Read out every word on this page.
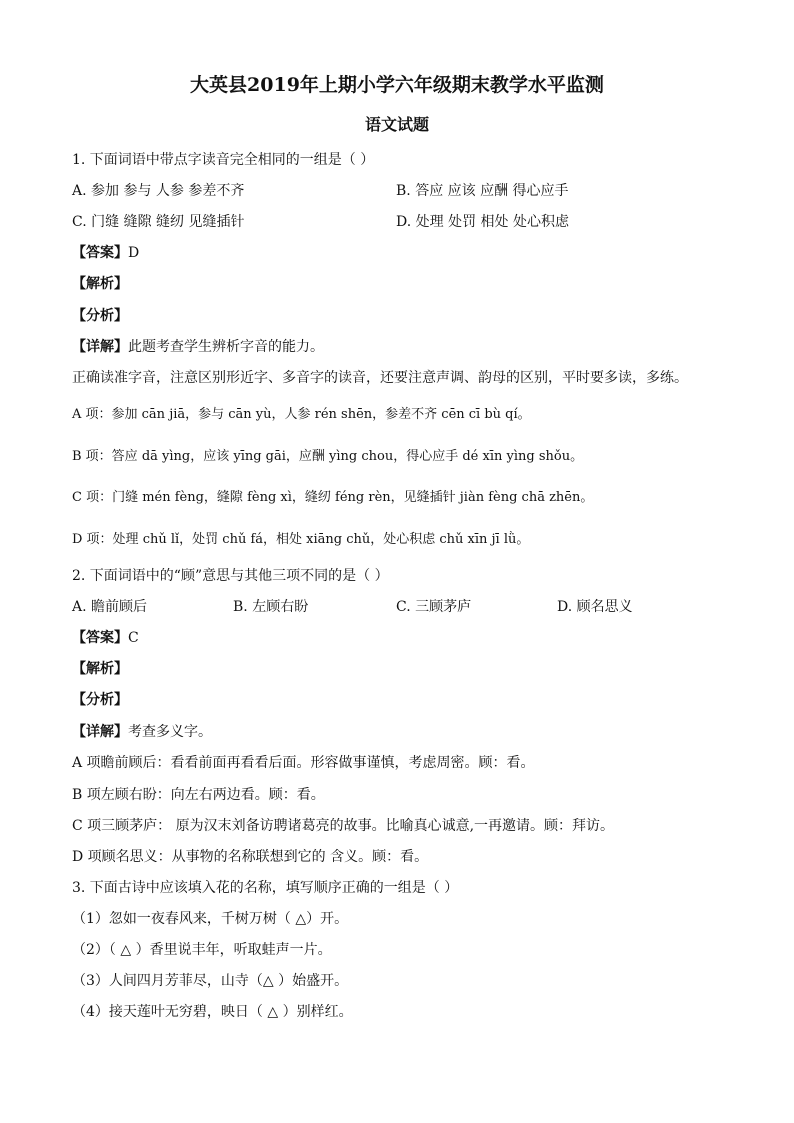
大英县2019年上期小学六年级期末教学水平监测
语文试题
1. 下面词语中带点字读音完全相同的一组是（ ）
A. 参加 参与 人参 参差不齐	B. 答应 应该 应酬 得心应手
C. 门缝 缝隙 缝纫 见缝插针	D. 处理 处罚 相处 处心积虑
【答案】D
【解析】
【分析】
【详解】此题考查学生辨析字音的能力。
正确读准字音，注意区别形近字、多音字的读音，还要注意声调、韵母的区别，平时要多读，多练。
A 项：参加 cān jiā，参与 cān yù，人参 rén shēn，参差不齐 cēn cī bù qí。
B 项：答应 dā yìng，应该 yīng gāi，应酬 yìng chou，得心应手 dé xīn yìng shǒu。
C 项：门缝 mén fèng，缝隙 fèng xì，缝纫 féng rèn，见缝插针 jiàn fèng chā zhēn。
D 项：处理 chǔ lǐ，处罚 chǔ fá，相处 xiāng chǔ，处心积虑 chǔ xīn jī lǜ。
2. 下面词语中的“顾”意思与其他三项不同的是（ ）
A. 瞻前顾后	B. 左顾右盼	C. 三顾茅庐	D. 顾名思义
【答案】C
【解析】
【分析】
【详解】考查多义字。
A 项瞻前顾后：看看前面再看看后面。形容做事谨慎，考虑周密。顾：看。
B 项左顾右盼：向左右两边看。顾：看。
C 项三顾茅庐： 原为汉末刘备访聘诸葛亮的故事。比喻真心诚意,一再邀请。顾：拜访。
D 项顾名思义：从事物的名称联想到它的 含义。顾：看。
3. 下面古诗中应该填入花的名称，填写顺序正确的一组是（ ）
（1）忽如一夜春风来，千树万树（ △）开。
（2）（ △ ）香里说丰年，听取蛙声一片。
（3）人间四月芳菲尽，山寺（△ ）始盛开。
（4）接天莲叶无穷碧，映日（ △ ）别样红。
